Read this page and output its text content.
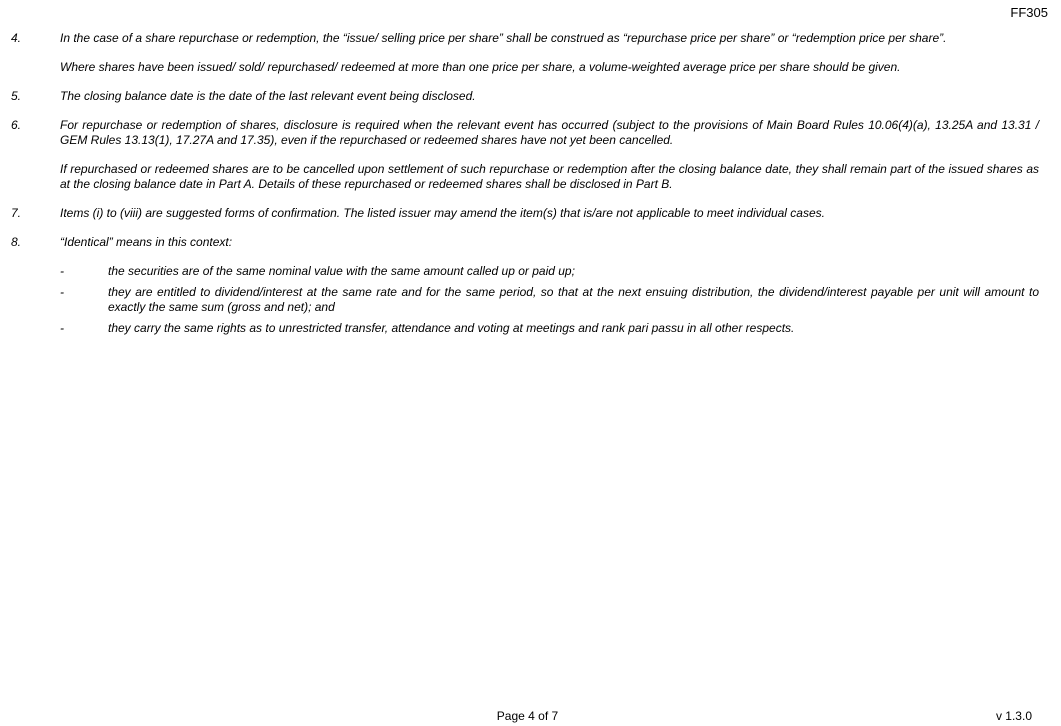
FF305
4.	In the case of a share repurchase or redemption, the “issue/ selling price per share” shall be construed as “repurchase price per share” or “redemption price per share”.

Where shares have been issued/ sold/ repurchased/ redeemed at more than one price per share, a volume-weighted average price per share should be given.

5.	The closing balance date is the date of the last relevant event being disclosed.

6.	For repurchase or redemption of shares, disclosure is required when the relevant event has occurred (subject to the provisions of Main Board Rules 10.06(4)(a), 13.25A and 13.31 / GEM Rules 13.13(1), 17.27A and 17.35), even if the repurchased or redeemed shares have not yet been cancelled.

If repurchased or redeemed shares are to be cancelled upon settlement of such repurchase or redemption after the closing balance date, they shall remain part of the issued shares as at the closing balance date in Part A. Details of these repurchased or redeemed shares shall be disclosed in Part B.

7.	Items (i) to (viii) are suggested forms of confirmation. The listed issuer may amend the item(s) that is/are not applicable to meet individual cases.

8.	“Identical” means in this context:

-	the securities are of the same nominal value with the same amount called up or paid up;
-	they are entitled to dividend/interest at the same rate and for the same period, so that at the next ensuing distribution, the dividend/interest payable per unit will amount to exactly the same sum (gross and net); and
-	they carry the same rights as to unrestricted transfer, attendance and voting at meetings and rank pari passu in all other respects.
Page 4 of 7	v 1.3.0
